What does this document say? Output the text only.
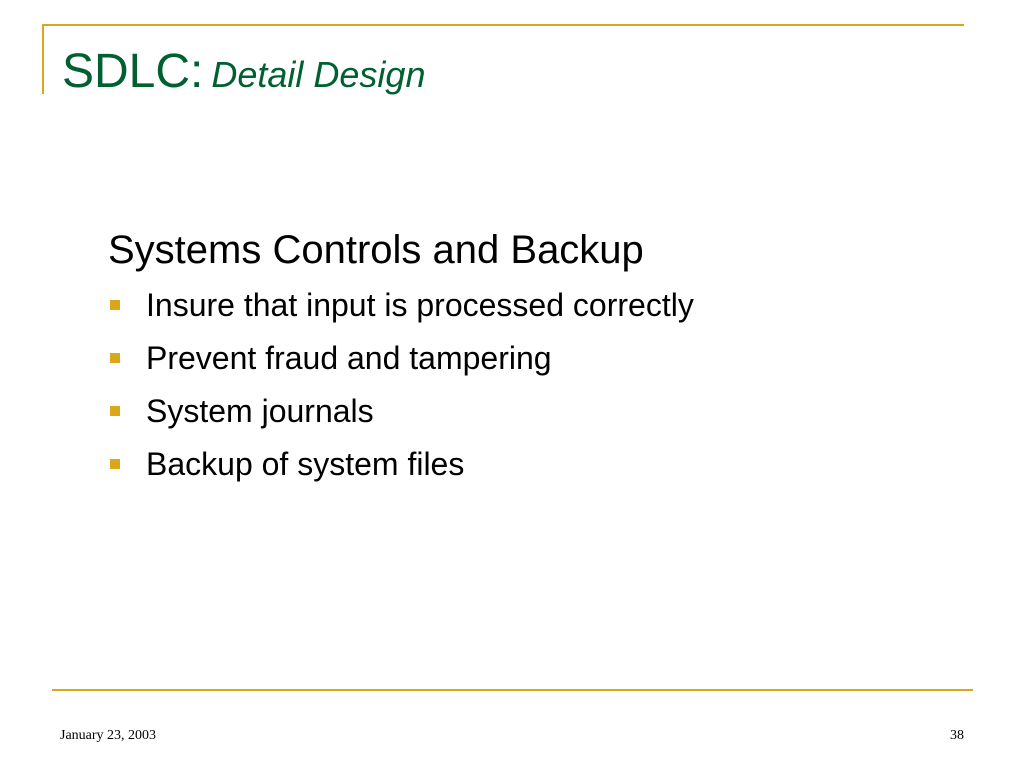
SDLC: Detail Design
Systems Controls and Backup
Insure that input is processed correctly
Prevent fraud and tampering
System journals
Backup of system files
January 23, 2003	38
